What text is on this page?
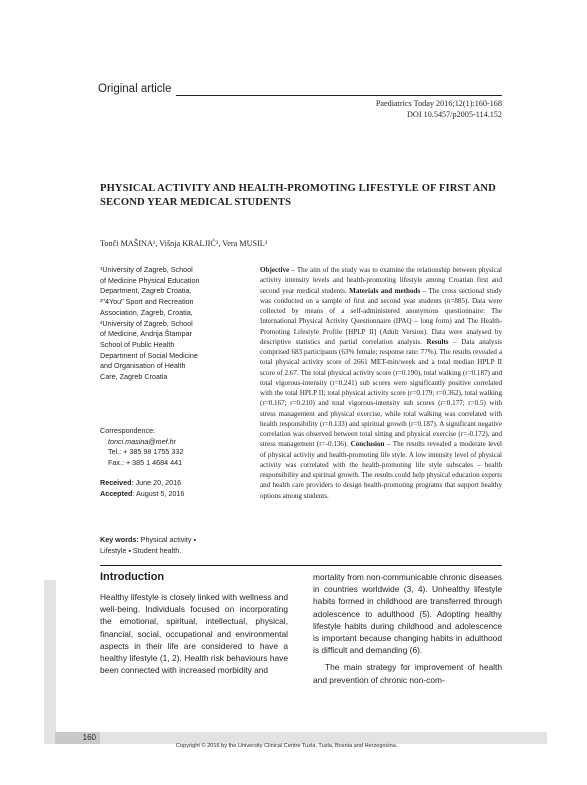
Original article
Paediatrics Today 2016;12(1):160-168
DOI 10.5457/p2005-114.152
PHYSICAL ACTIVITY AND HEALTH-PROMOTING LIFESTYLE OF FIRST AND SECOND YEAR MEDICAL STUDENTS
Tonči MAŠINA¹, Višnja KRALJIĆ², Vera MUSIL³
¹University of Zagreb, School of Medicine Physical Education Department, Zagreb Croatia, ²"4You" Sport and Recreation Association, Zagreb, Croatia, ³University of Zagreb, School of Medicine, Andrija Štampar School of Public Health Department of Social Medicine and Organisation of Health Care, Zagreb Croatia
Correspondence:
tonci.masina@mef.hr
Tel.: + 385 98 1755 332
Fax.: + 385 1 4684 441
Received: June 20, 2016
Accepted: August 5, 2016
Key words: Physical activity ▪
Lifestyle ▪ Student health.
Objective – The aim of the study was to examine the relationship between physical activity intensity levels and health-promoting lifestyle among Croatian first and second year medical students. Materials and methods – The cross sectional study was conducted on a sample of first and second year students (n=885). Data were collected by means of a self-administered anonymous questionnaire: The International Physical Activity Questionnaire (IPAQ – long form) and The Health-Promoting Lifestyle Profile [HPLP II] (Adult Version). Data were analysed by descriptive statistics and partial correlation analysis. Results – Data analysis comprised 683 participants (63% female; response rate: 77%). The results revealed a total physical activity score of 2661 MET-min/week and a total median HPLP II score of 2.67. The total physical activity score (r=0.190), total walking (r=0.187) and total vigorous-intensity (r=0.241) sub scores were significantly positive correlated with the total HPLP II; total physical activity score (r=0.179; r=0.362), total walking (r=0.167; r=0.210) and total vigorous-intensity sub scores (r=0.177; r=0.5) with stress management and physical exercise, while total walking was correlated with health responsibility (r=0.133) and spiritual growth (r=0.187). A significant negative correlation was observed between total sitting and physical exercise (r=-0.172), and stress management (r=-0.136). Conclusion – The results revealed a moderate level of physical activity and health-promoting life style. A low intensity level of physical activity was correlated with the health-promoting life style subscales – health responsibility and spiritual growth. The results could help physical education experts and health care providers to design health-promoting programs that support healthy options among students.
Introduction

Healthy lifestyle is closely linked with wellness and well-being. Individuals focused on incorporating the emotional, spiritual, intellectual, physical, financial, social, occupational and environmental aspects in their life are considered to have a healthy lifestyle (1, 2). Health risk behaviours have been connected with increased morbidity and

mortality from non-communicable chronic diseases in countries worldwide (3, 4). Unhealthy lifestyle habits formed in childhood are transferred through adolescence to adulthood (5). Adopting healthy lifestyle habits during childhood and adolescence is important because changing habits in adulthood is difficult and demanding (6).

The main strategy for improvement of health and prevention of chronic non-com-

160
Copyright © 2016 by the University Clinical Centre Tuzla, Tuzla, Bosnia and Herzegovina.
